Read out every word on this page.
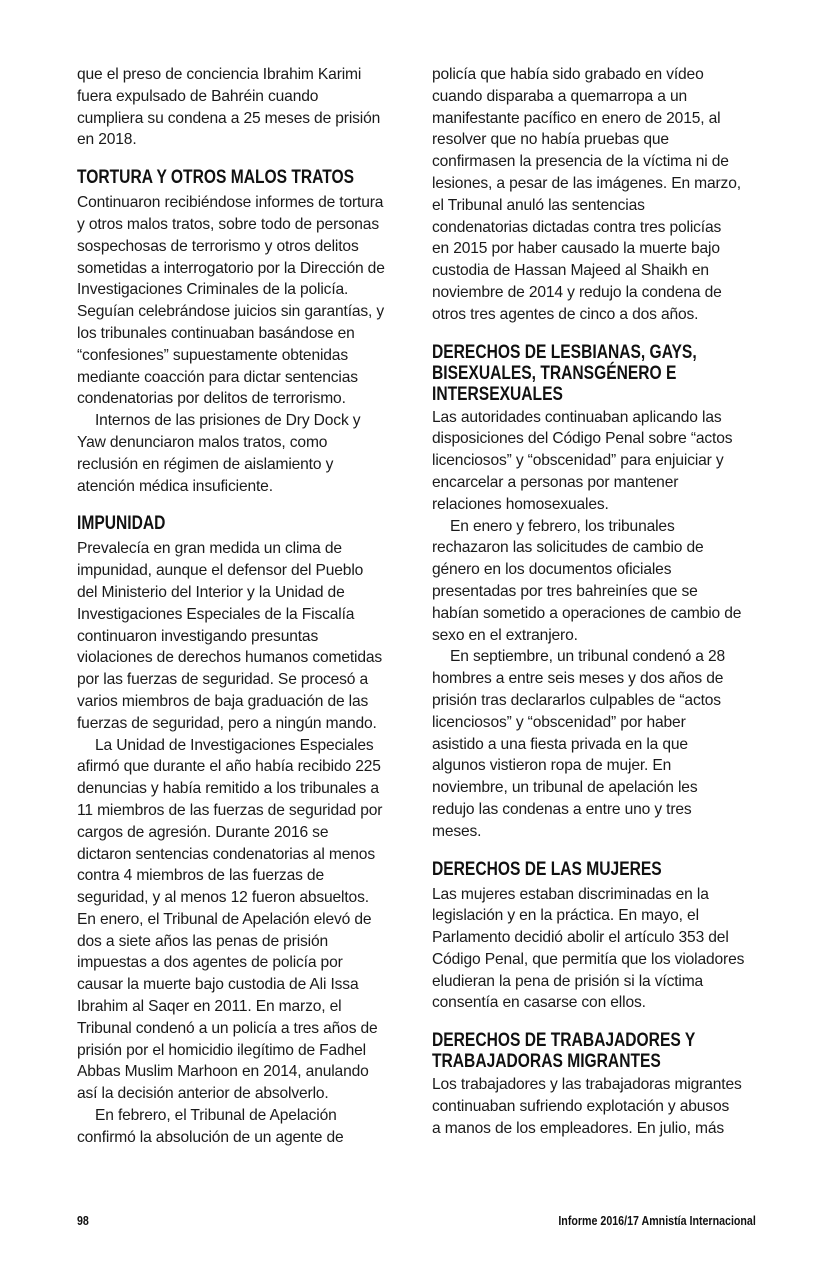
que el preso de conciencia Ibrahim Karimi
fuera expulsado de Bahréin cuando
cumpliera su condena a 25 meses de prisión
en 2018.
TORTURA Y OTROS MALOS TRATOS
Continuaron recibiéndose informes de tortura
y otros malos tratos, sobre todo de personas
sospechosas de terrorismo y otros delitos
sometidas a interrogatorio por la Dirección de
Investigaciones Criminales de la policía.
Seguían celebrándose juicios sin garantías, y
los tribunales continuaban basándose en
“confesiones” supuestamente obtenidas
mediante coacción para dictar sentencias
condenatorias por delitos de terrorismo.
Internos de las prisiones de Dry Dock y
Yaw denunciaron malos tratos, como
reclusión en régimen de aislamiento y
atención médica insuficiente.
IMPUNIDAD
Prevalecía en gran medida un clima de
impunidad, aunque el defensor del Pueblo
del Ministerio del Interior y la Unidad de
Investigaciones Especiales de la Fiscalía
continuaron investigando presuntas
violaciones de derechos humanos cometidas
por las fuerzas de seguridad. Se procesó a
varios miembros de baja graduación de las
fuerzas de seguridad, pero a ningún mando.
La Unidad de Investigaciones Especiales
afirmó que durante el año había recibido 225
denuncias y había remitido a los tribunales a
11 miembros de las fuerzas de seguridad por
cargos de agresión. Durante 2016 se
dictaron sentencias condenatorias al menos
contra 4 miembros de las fuerzas de
seguridad, y al menos 12 fueron absueltos.
En enero, el Tribunal de Apelación elevó de
dos a siete años las penas de prisión
impuestas a dos agentes de policía por
causar la muerte bajo custodia de Ali Issa
Ibrahim al Saqer en 2011. En marzo, el
Tribunal condenó a un policía a tres años de
prisión por el homicidio ilegítimo de Fadhel
Abbas Muslim Marhoon en 2014, anulando
así la decisión anterior de absolverlo.
En febrero, el Tribunal de Apelación
confirmó la absolución de un agente de
policía que había sido grabado en vídeo
cuando disparaba a quemarropa a un
manifestante pacífico en enero de 2015, al
resolver que no había pruebas que
confirmasen la presencia de la víctima ni de
lesiones, a pesar de las imágenes. En marzo,
el Tribunal anuló las sentencias
condenatorias dictadas contra tres policías
en 2015 por haber causado la muerte bajo
custodia de Hassan Majeed al Shaikh en
noviembre de 2014 y redujo la condena de
otros tres agentes de cinco a dos años.
DERECHOS DE LESBIANAS, GAYS,
BISEXUALES, TRANSGÉNERO E
INTERSEXUALES
Las autoridades continuaban aplicando las
disposiciones del Código Penal sobre “actos
licenciosos” y “obscenidad” para enjuiciar y
encarcelar a personas por mantener
relaciones homosexuales.
En enero y febrero, los tribunales
rechazaron las solicitudes de cambio de
género en los documentos oficiales
presentadas por tres bahreiníes que se
habían sometido a operaciones de cambio de
sexo en el extranjero.
En septiembre, un tribunal condenó a 28
hombres a entre seis meses y dos años de
prisión tras declararlos culpables de “actos
licenciosos” y “obscenidad” por haber
asistido a una fiesta privada en la que
algunos vistieron ropa de mujer. En
noviembre, un tribunal de apelación les
redujo las condenas a entre uno y tres
meses.
DERECHOS DE LAS MUJERES
Las mujeres estaban discriminadas en la
legislación y en la práctica. En mayo, el
Parlamento decidió abolir el artículo 353 del
Código Penal, que permitía que los violadores
eludieran la pena de prisión si la víctima
consentía en casarse con ellos.
DERECHOS DE TRABAJADORES Y
TRABAJADORAS MIGRANTES
Los trabajadores y las trabajadoras migrantes
continuaban sufriendo explotación y abusos
a manos de los empleadores. En julio, más
98	Informe 2016/17 Amnistía Internacional
